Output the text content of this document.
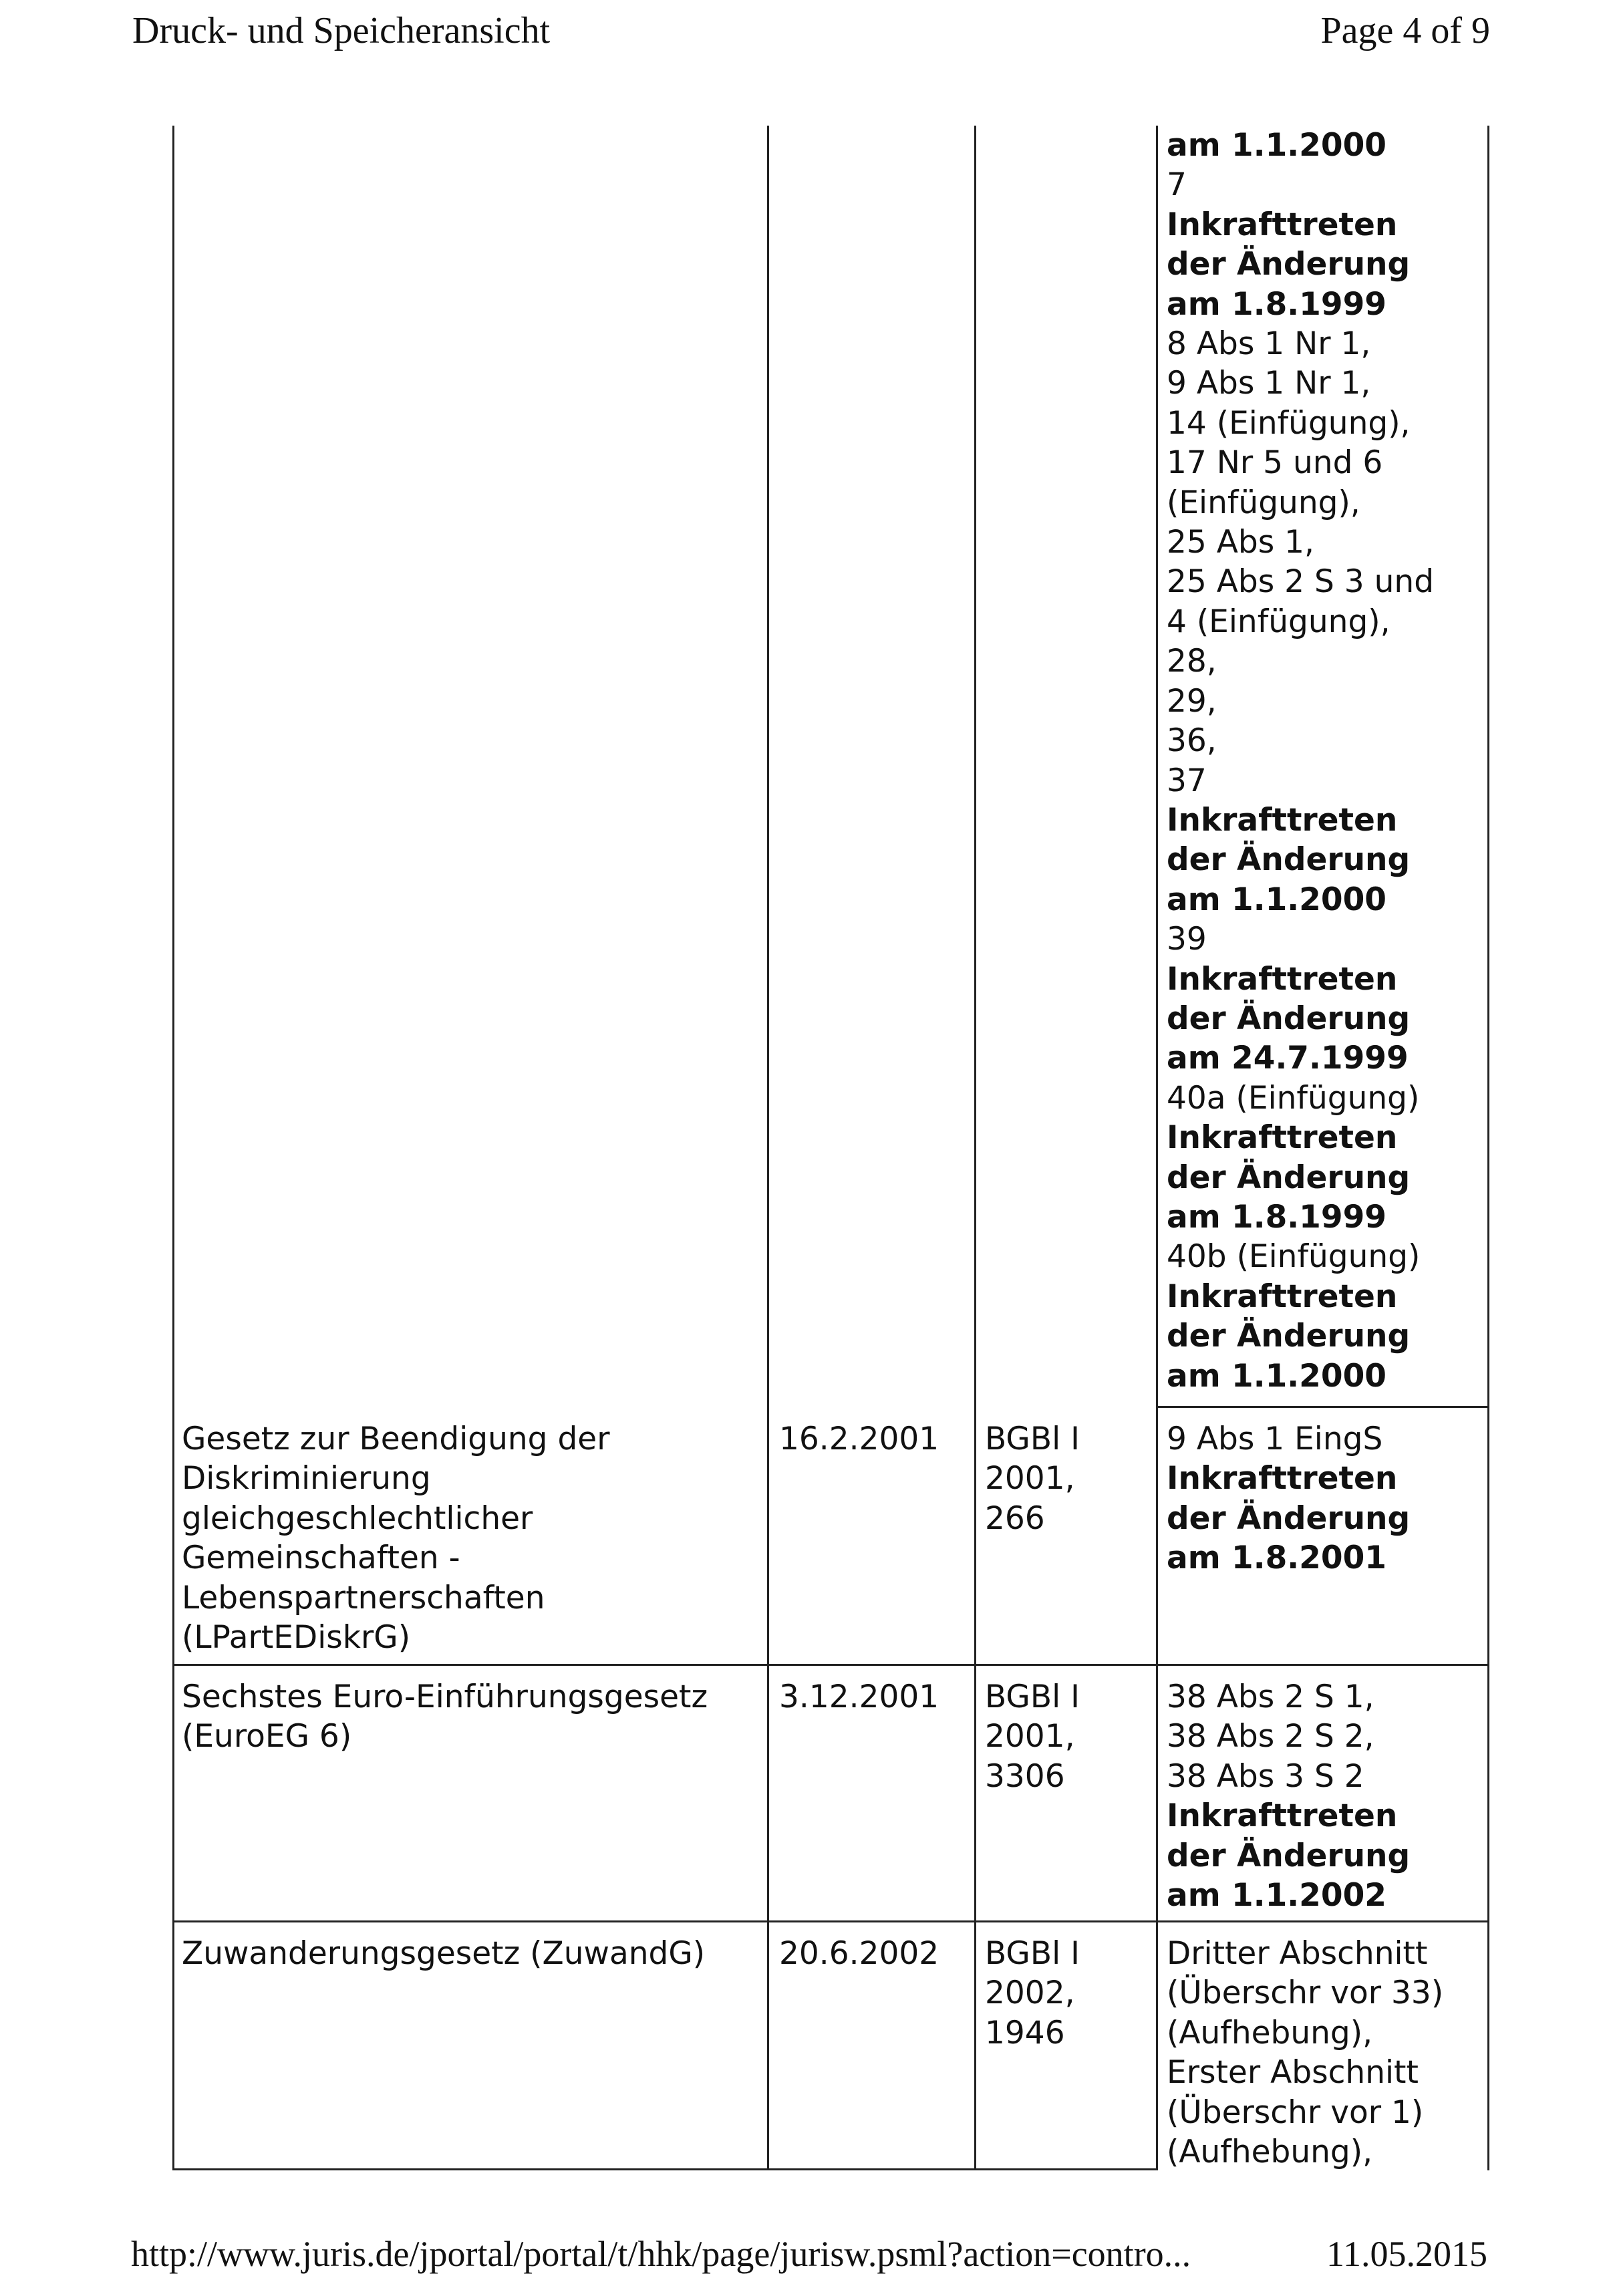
Druck- und Speicheransicht	Page 4 of 9
am 1.1.2000
7
Inkrafttreten
der Änderung
am 1.8.1999
8 Abs 1 Nr 1,
9 Abs 1 Nr 1,
14 (Einfügung),
17 Nr 5 und 6
(Einfügung),
25 Abs 1,
25 Abs 2 S 3 und
4 (Einfügung),
28,
29,
36,
37
Inkrafttreten
der Änderung
am 1.1.2000
39
Inkrafttreten
der Änderung
am 24.7.1999
40a (Einfügung)
Inkrafttreten
der Änderung
am 1.8.1999
40b (Einfügung)
Inkrafttreten
der Änderung
am 1.1.2000
Gesetz zur Beendigung der
Diskriminierung
gleichgeschlechtlicher
Gemeinschaften -
Lebenspartnerschaften
(LPartEDiskrG)
16.2.2001 BGBl I
2001,
266
9 Abs 1 EingS
Inkrafttreten
der Änderung
am 1.8.2001
Sechstes Euro-Einführungsgesetz
(EuroEG 6)
3.12.2001 BGBl I
2001,
3306
38 Abs 2 S 1,
38 Abs 2 S 2,
38 Abs 3 S 2
Inkrafttreten
der Änderung
am 1.1.2002
Zuwanderungsgesetz (ZuwandG) 20.6.2002 BGBl I
2002,
1946
Dritter Abschnitt
(Überschr vor 33)
(Aufhebung),
Erster Abschnitt
(Überschr vor 1)
(Aufhebung),
http://www.juris.de/jportal/portal/t/hhk/page/jurisw.psml?action=contro...	11.05.2015
